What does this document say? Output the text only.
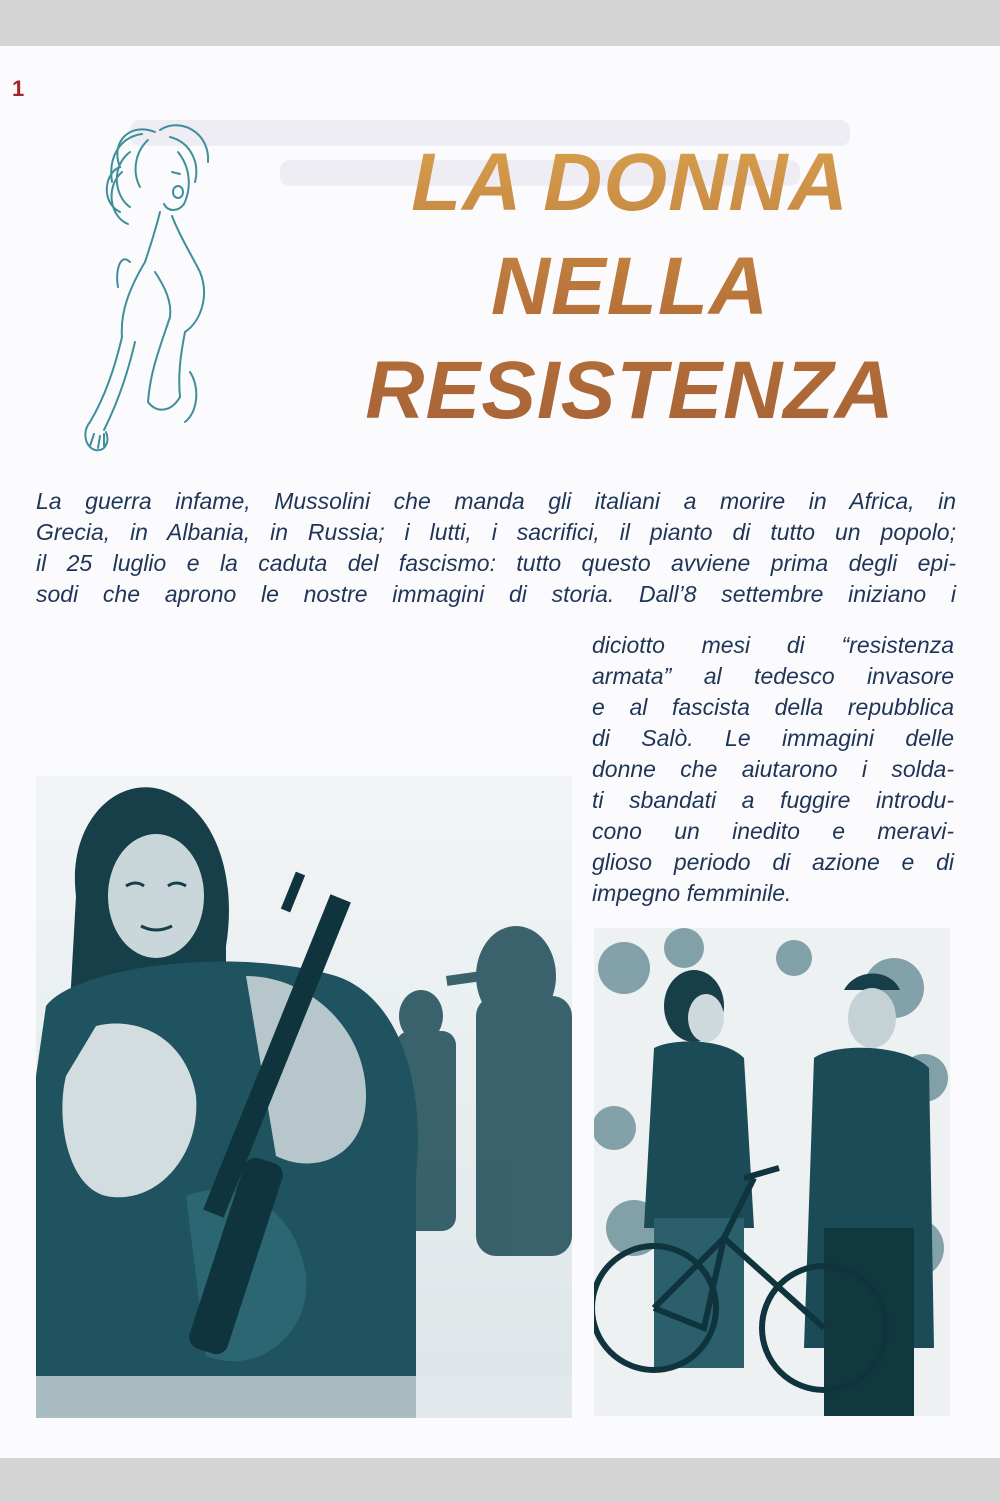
1
LA DONNA
NELLA
RESISTENZA
La guerra infame, Mussolini che manda gli italiani a morire in Africa, in
Grecia, in Albania, in Russia; i lutti, i sacrifici, il pianto di tutto un popolo;
il 25 luglio e la caduta del fascismo: tutto questo avviene prima degli epi-
sodi che aprono le nostre immagini di storia. Dall’8 settembre iniziano i
diciotto mesi di “resistenza
armata” al tedesco invasore
e al fascista della repubblica
di Salò. Le immagini delle
donne che aiutarono i solda-
ti sbandati a fuggire introdu-
cono un inedito e meravi-
glioso periodo di azione e di
impegno femminile.
